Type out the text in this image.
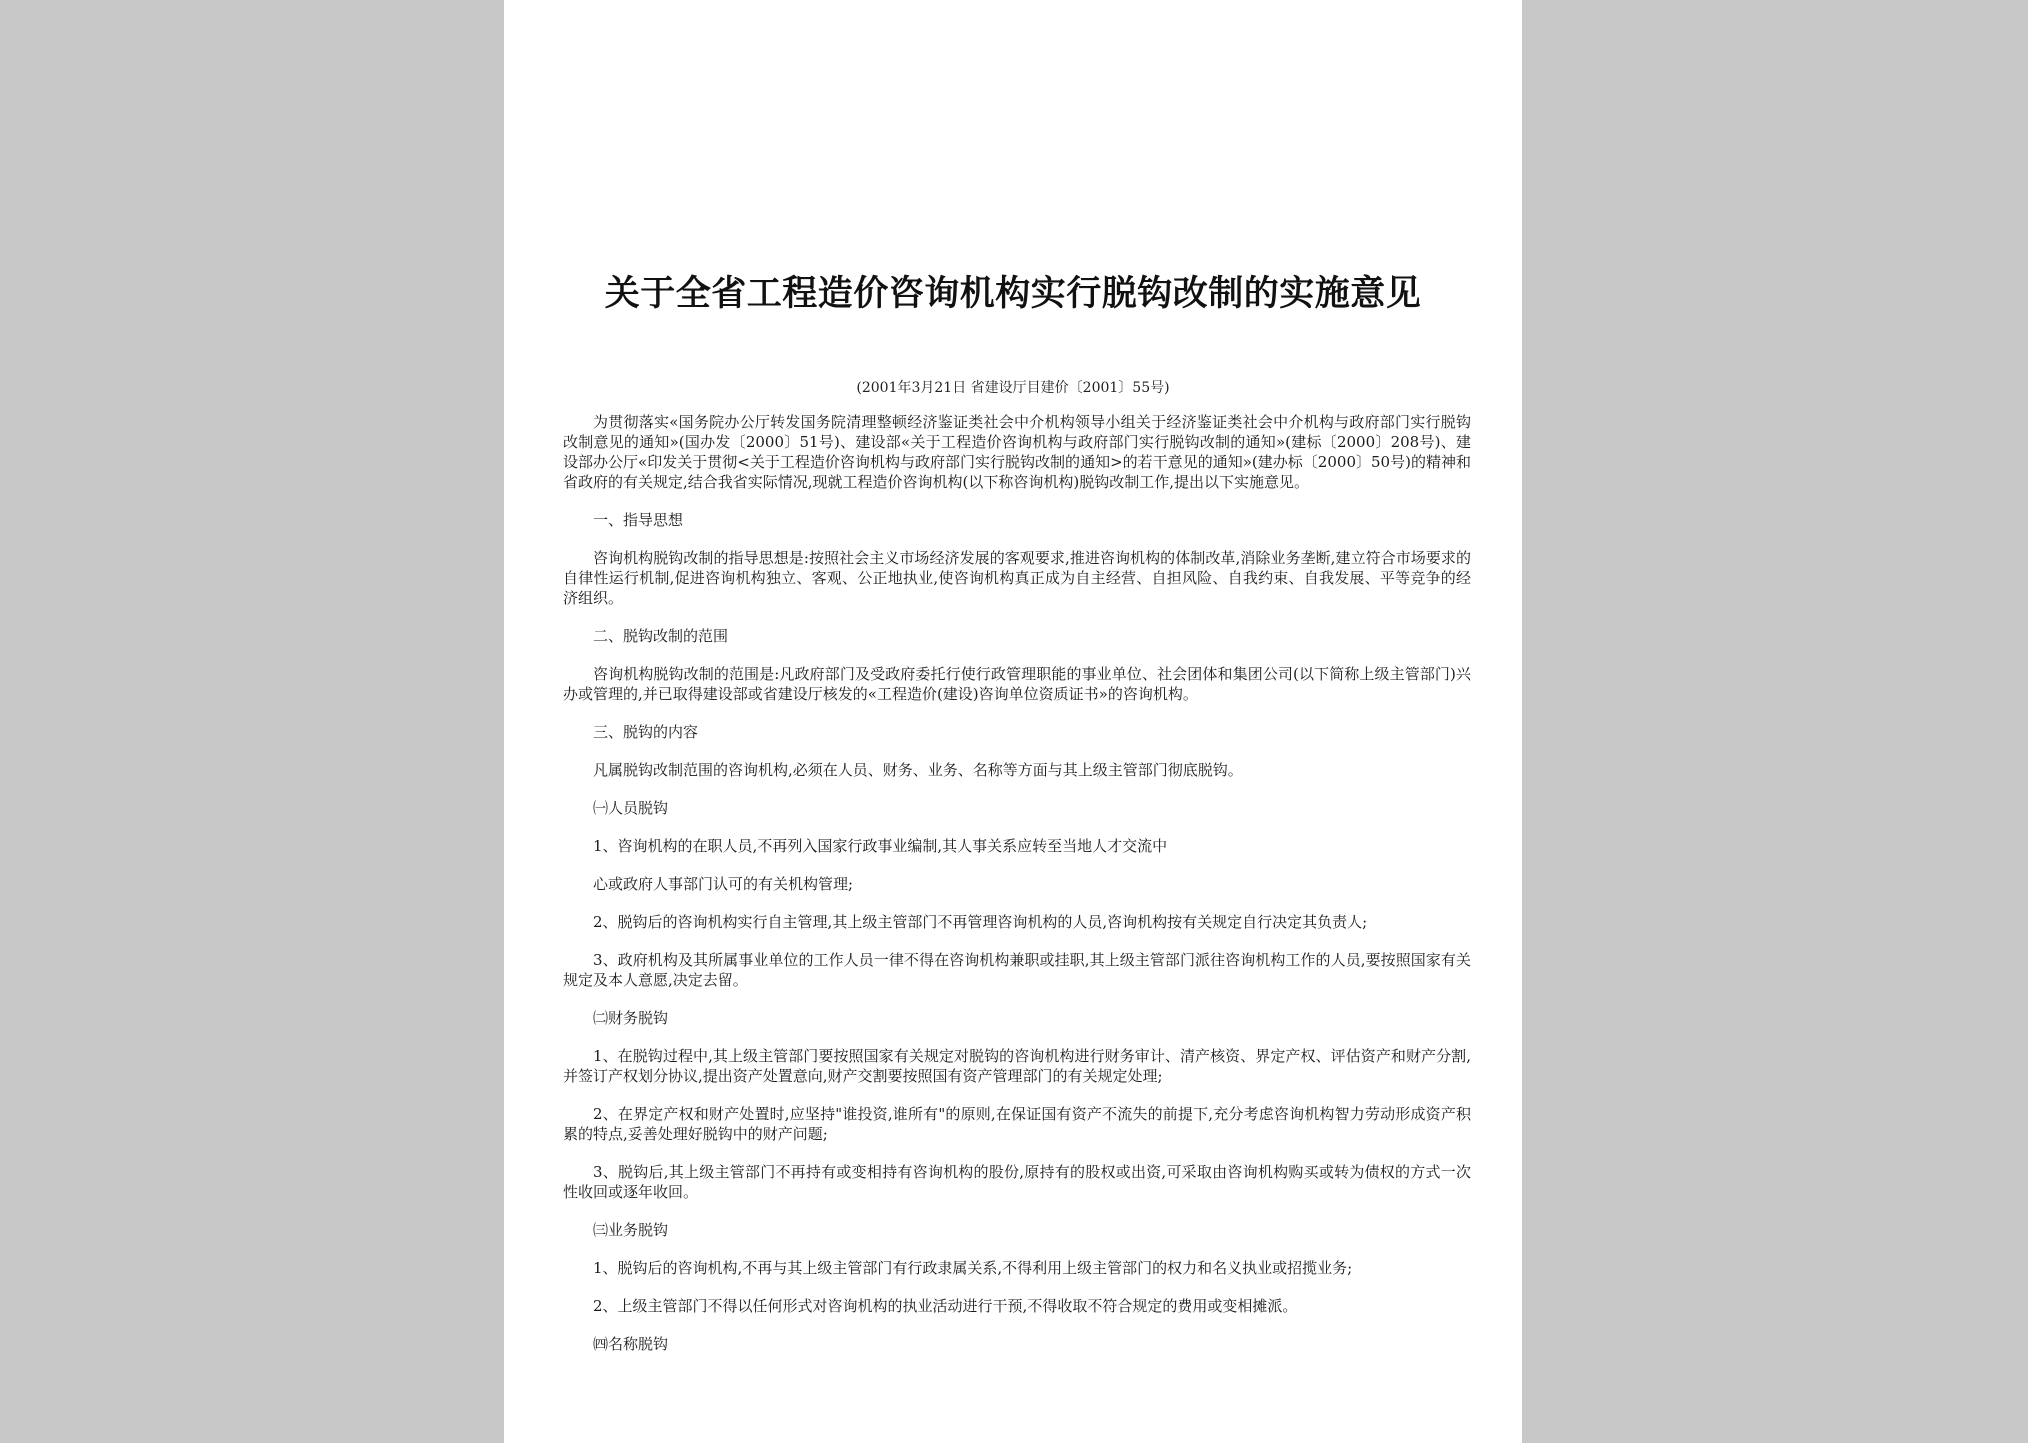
关于全省工程造价咨询机构实行脱钩改制的实施意见
(2001年3月21日 省建设厅目建价〔2001〕55号)

为贯彻落实«国务院办公厅转发国务院清理整顿经济鉴证类社会中介机构领导小组关于经济鉴证类社会中介机构与政府部门实行脱钩改制意见的通知»(国办发〔2000〕51号)、建设部«关于工程造价咨询机构与政府部门实行脱钩改制的通知»(建标〔2000〕208号)、建设部办公厅«印发关于贯彻<关于工程造价咨询机构与政府部门实行脱钩改制的通知>的若干意见的通知»(建办标〔2000〕50号)的精神和省政府的有关规定,结合我省实际情况,现就工程造价咨询机构(以下称咨询机构)脱钩改制工作,提出以下实施意见。

一、指导思想

咨询机构脱钩改制的指导思想是:按照社会主义市场经济发展的客观要求,推进咨询机构的体制改革,消除业务垄断,建立符合市场要求的自律性运行机制,促进咨询机构独立、客观、公正地执业,使咨询机构真正成为自主经营、自担风险、自我约束、自我发展、平等竞争的经济组织。

二、脱钩改制的范围

咨询机构脱钩改制的范围是:凡政府部门及受政府委托行使行政管理职能的事业单位、社会团体和集团公司(以下简称上级主管部门)兴办或管理的,并已取得建设部或省建设厅核发的«工程造价(建设)咨询单位资质证书»的咨询机构。

三、脱钩的内容

凡属脱钩改制范围的咨询机构,必须在人员、财务、业务、名称等方面与其上级主管部门彻底脱钩。

㈠人员脱钩

1、咨询机构的在职人员,不再列入国家行政事业编制,其人事关系应转至当地人才交流中

心或政府人事部门认可的有关机构管理;

2、脱钩后的咨询机构实行自主管理,其上级主管部门不再管理咨询机构的人员,咨询机构按有关规定自行决定其负责人;

3、政府机构及其所属事业单位的工作人员一律不得在咨询机构兼职或挂职,其上级主管部门派往咨询机构工作的人员,要按照国家有关规定及本人意愿,决定去留。

㈡财务脱钩

1、在脱钩过程中,其上级主管部门要按照国家有关规定对脱钩的咨询机构进行财务审计、清产核资、界定产权、评估资产和财产分割,并签订产权划分协议,提出资产处置意向,财产交割要按照国有资产管理部门的有关规定处理;

2、在界定产权和财产处置时,应坚持"谁投资,谁所有"的原则,在保证国有资产不流失的前提下,充分考虑咨询机构智力劳动形成资产积累的特点,妥善处理好脱钩中的财产问题;

3、脱钩后,其上级主管部门不再持有或变相持有咨询机构的股份,原持有的股权或出资,可采取由咨询机构购买或转为债权的方式一次性收回或逐年收回。

㈢业务脱钩

1、脱钩后的咨询机构,不再与其上级主管部门有行政隶属关系,不得利用上级主管部门的权力和名义执业或招揽业务;

2、上级主管部门不得以任何形式对咨询机构的执业活动进行干预,不得收取不符合规定的费用或变相摊派。

㈣名称脱钩
